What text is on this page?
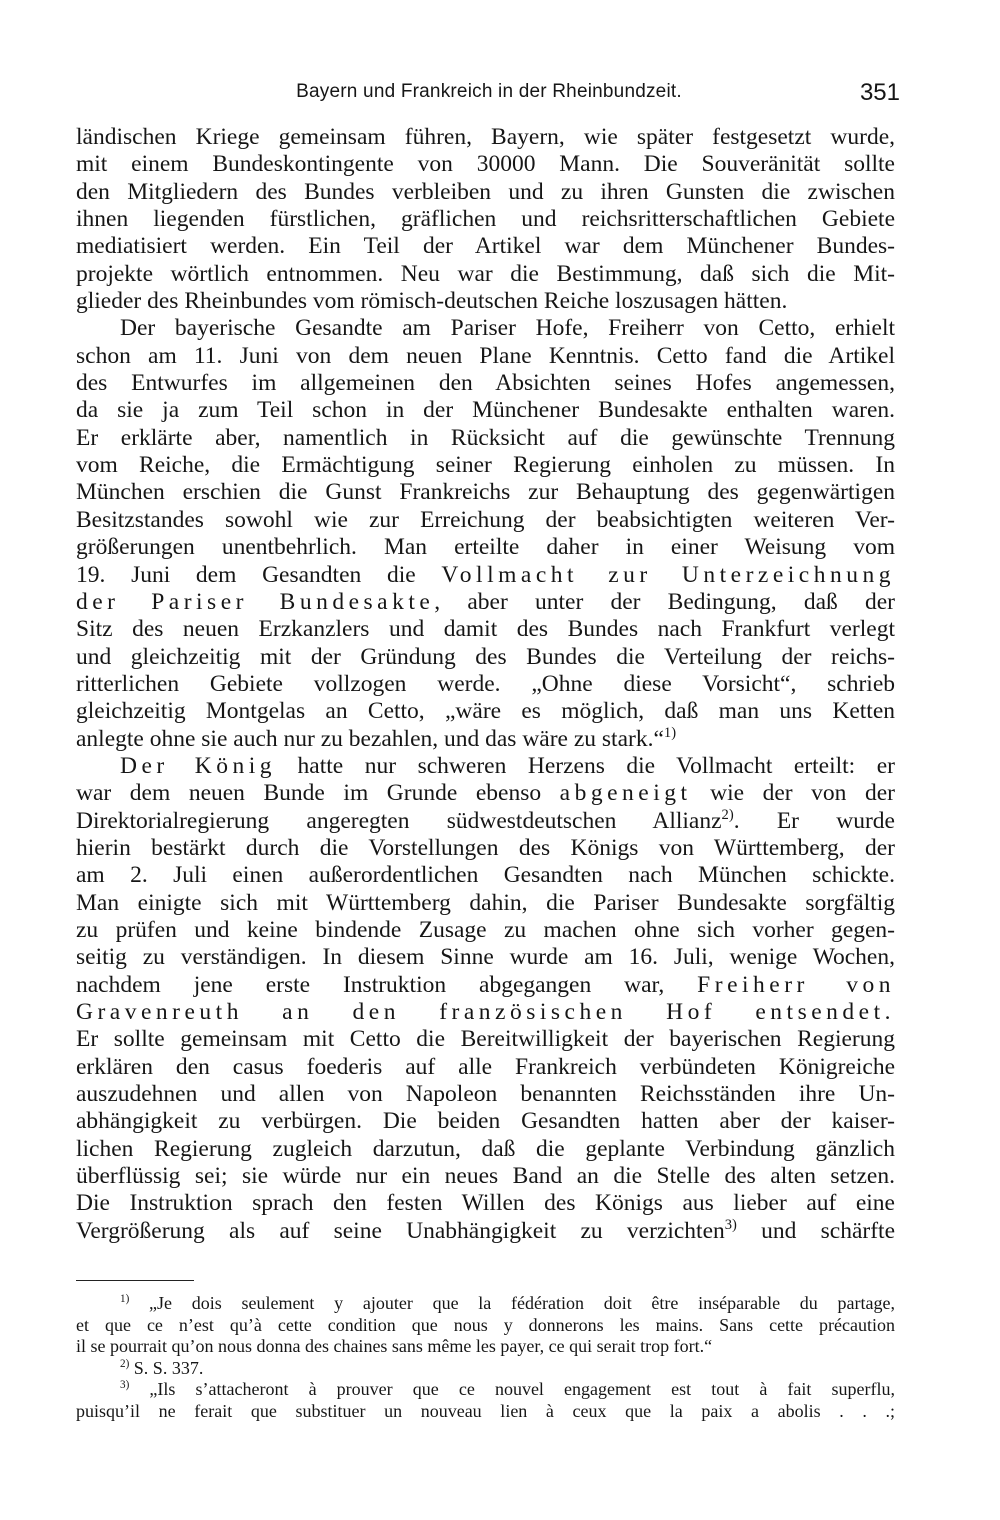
Bayern und Frankreich in der Rheinbundzeit.	351
ländischen Kriege gemeinsam führen, Bayern, wie später festgesetzt wurde,
mit einem Bundeskontingente von 30000 Mann. Die Souveränität sollte
den Mitgliedern des Bundes verbleiben und zu ihren Gunsten die zwischen
ihnen liegenden fürstlichen, gräflichen und reichsritterschaftlichen Gebiete
mediatisiert werden. Ein Teil der Artikel war dem Münchener Bundes-
projekte wörtlich entnommen. Neu war die Bestimmung, daß sich die Mit-
glieder des Rheinbundes vom römisch-deutschen Reiche loszusagen hätten.
Der bayerische Gesandte am Pariser Hofe, Freiherr von Cetto, erhielt
schon am 11. Juni von dem neuen Plane Kenntnis. Cetto fand die Artikel
des Entwurfes im allgemeinen den Absichten seines Hofes angemessen,
da sie ja zum Teil schon in der Münchener Bundesakte enthalten waren.
Er erklärte aber, namentlich in Rücksicht auf die gewünschte Trennung
vom Reiche, die Ermächtigung seiner Regierung einholen zu müssen. In
München erschien die Gunst Frankreichs zur Behauptung des gegenwärtigen
Besitzstandes sowohl wie zur Erreichung der beabsichtigten weiteren Ver-
größerungen unentbehrlich. Man erteilte daher in einer Weisung vom
19. Juni dem Gesandten die Vollmacht zur Unterzeichnung
der Pariser Bundesakte, aber unter der Bedingung, daß der
Sitz des neuen Erzkanzlers und damit des Bundes nach Frankfurt verlegt
und gleichzeitig mit der Gründung des Bundes die Verteilung der reichs-
ritterlichen Gebiete vollzogen werde. „Ohne diese Vorsicht“, schrieb
gleichzeitig Montgelas an Cetto, „wäre es möglich, daß man uns Ketten
anlegte ohne sie auch nur zu bezahlen, und das wäre zu stark.“$^{1)}$
Der König hatte nur schweren Herzens die Vollmacht erteilt: er
war dem neuen Bunde im Grunde ebenso abgeneigt wie der von der
Direktorialregierung angeregten südwestdeutschen Allianz$^{2)}$. Er wurde
hierin bestärkt durch die Vorstellungen des Königs von Württemberg, der
am 2. Juli einen außerordentlichen Gesandten nach München schickte.
Man einigte sich mit Württemberg dahin, die Pariser Bundesakte sorgfältig
zu prüfen und keine bindende Zusage zu machen ohne sich vorher gegen-
seitig zu verständigen. In diesem Sinne wurde am 16. Juli, wenige Wochen,
nachdem jene erste Instruktion abgegangen war, Freiherr von
Gravenreuth an den französischen Hof entsendet.
Er sollte gemeinsam mit Cetto die Bereitwilligkeit der bayerischen Regierung
erklären den casus foederis auf alle Frankreich verbündeten Königreiche
auszudehnen und allen von Napoleon benannten Reichsständen ihre Un-
abhängigkeit zu verbürgen. Die beiden Gesandten hatten aber der kaiser-
lichen Regierung zugleich darzutun, daß die geplante Verbindung gänzlich
überflüssig sei; sie würde nur ein neues Band an die Stelle des alten setzen.
Die Instruktion sprach den festen Willen des Königs aus lieber auf eine
Vergrößerung als auf seine Unabhängigkeit zu verzichten$^{3)}$ und schärfte
$^{1)}$ „Je dois seulement y ajouter que la fédération doit être inséparable du partage,
et que ce n’est qu’à cette condition que nous y donnerons les mains. Sans cette précaution
il se pourrait qu’on nous donna des chaines sans même les payer, ce qui serait trop fort.“
$^{2)}$ S. S. 337.
$^{3)}$ „Ils s’attacheront à prouver que ce nouvel engagement est tout à fait superflu,
puisqu’il ne ferait que substituer un nouveau lien à ceux que la paix a abolis . . .;
